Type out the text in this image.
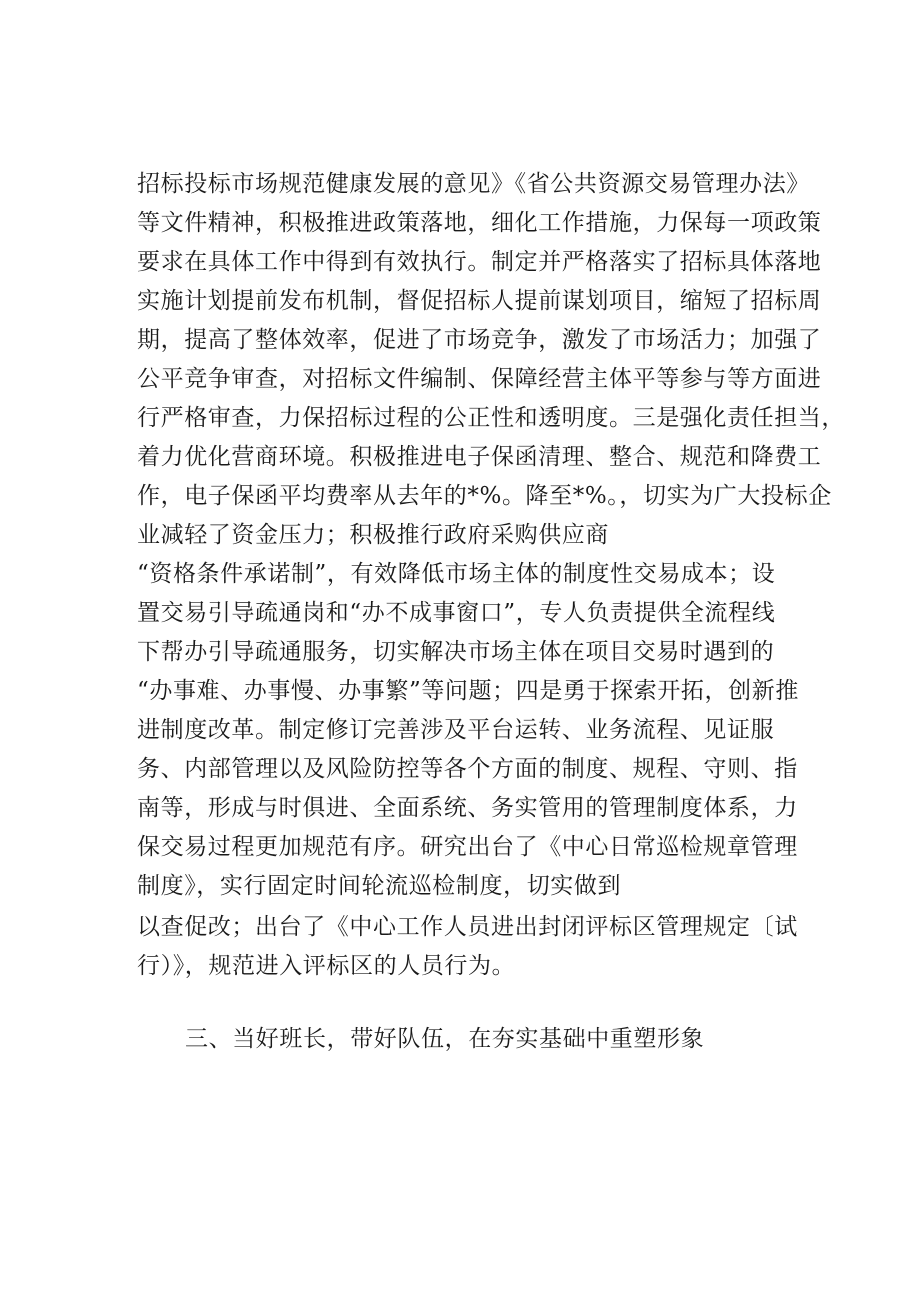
招标投标市场规范健康发展的意见》《省公共资源交易管理办法》
等文件精神，积极推进政策落地，细化工作措施，力保每一项政策
要求在具体工作中得到有效执行。制定并严格落实了招标具体落地
实施计划提前发布机制，督促招标人提前谋划项目，缩短了招标周
期，提高了整体效率，促进了市场竞争，激发了市场活力；加强了
公平竞争审查，对招标文件编制、保障经营主体平等参与等方面进
行严格审查，力保招标过程的公正性和透明度。三是强化责任担当，
着力优化营商环境。积极推进电子保函清理、整合、规范和降费工
作，电子保函平均费率从去年的*%。降至*%。，切实为广大投标企
业减轻了资金压力；积极推行政府采购供应商
“资格条件承诺制”，有效降低市场主体的制度性交易成本；设
置交易引导疏通岗和“办不成事窗口”，专人负责提供全流程线
下帮办引导疏通服务，切实解决市场主体在项目交易时遇到的
“办事难、办事慢、办事繁”等问题；四是勇于探索开拓，创新推
进制度改革。制定修订完善涉及平台运转、业务流程、见证服
务、内部管理以及风险防控等各个方面的制度、规程、守则、指
南等，形成与时俱进、全面系统、务实管用的管理制度体系，力
保交易过程更加规范有序。研究出台了《中心日常巡检规章管理
制度》，实行固定时间轮流巡检制度，切实做到
以查促改；出台了《中心工作人员进出封闭评标区管理规定〔试
行）》，规范进入评标区的人员行为。
三、当好班长，带好队伍，在夯实基础中重塑形象
